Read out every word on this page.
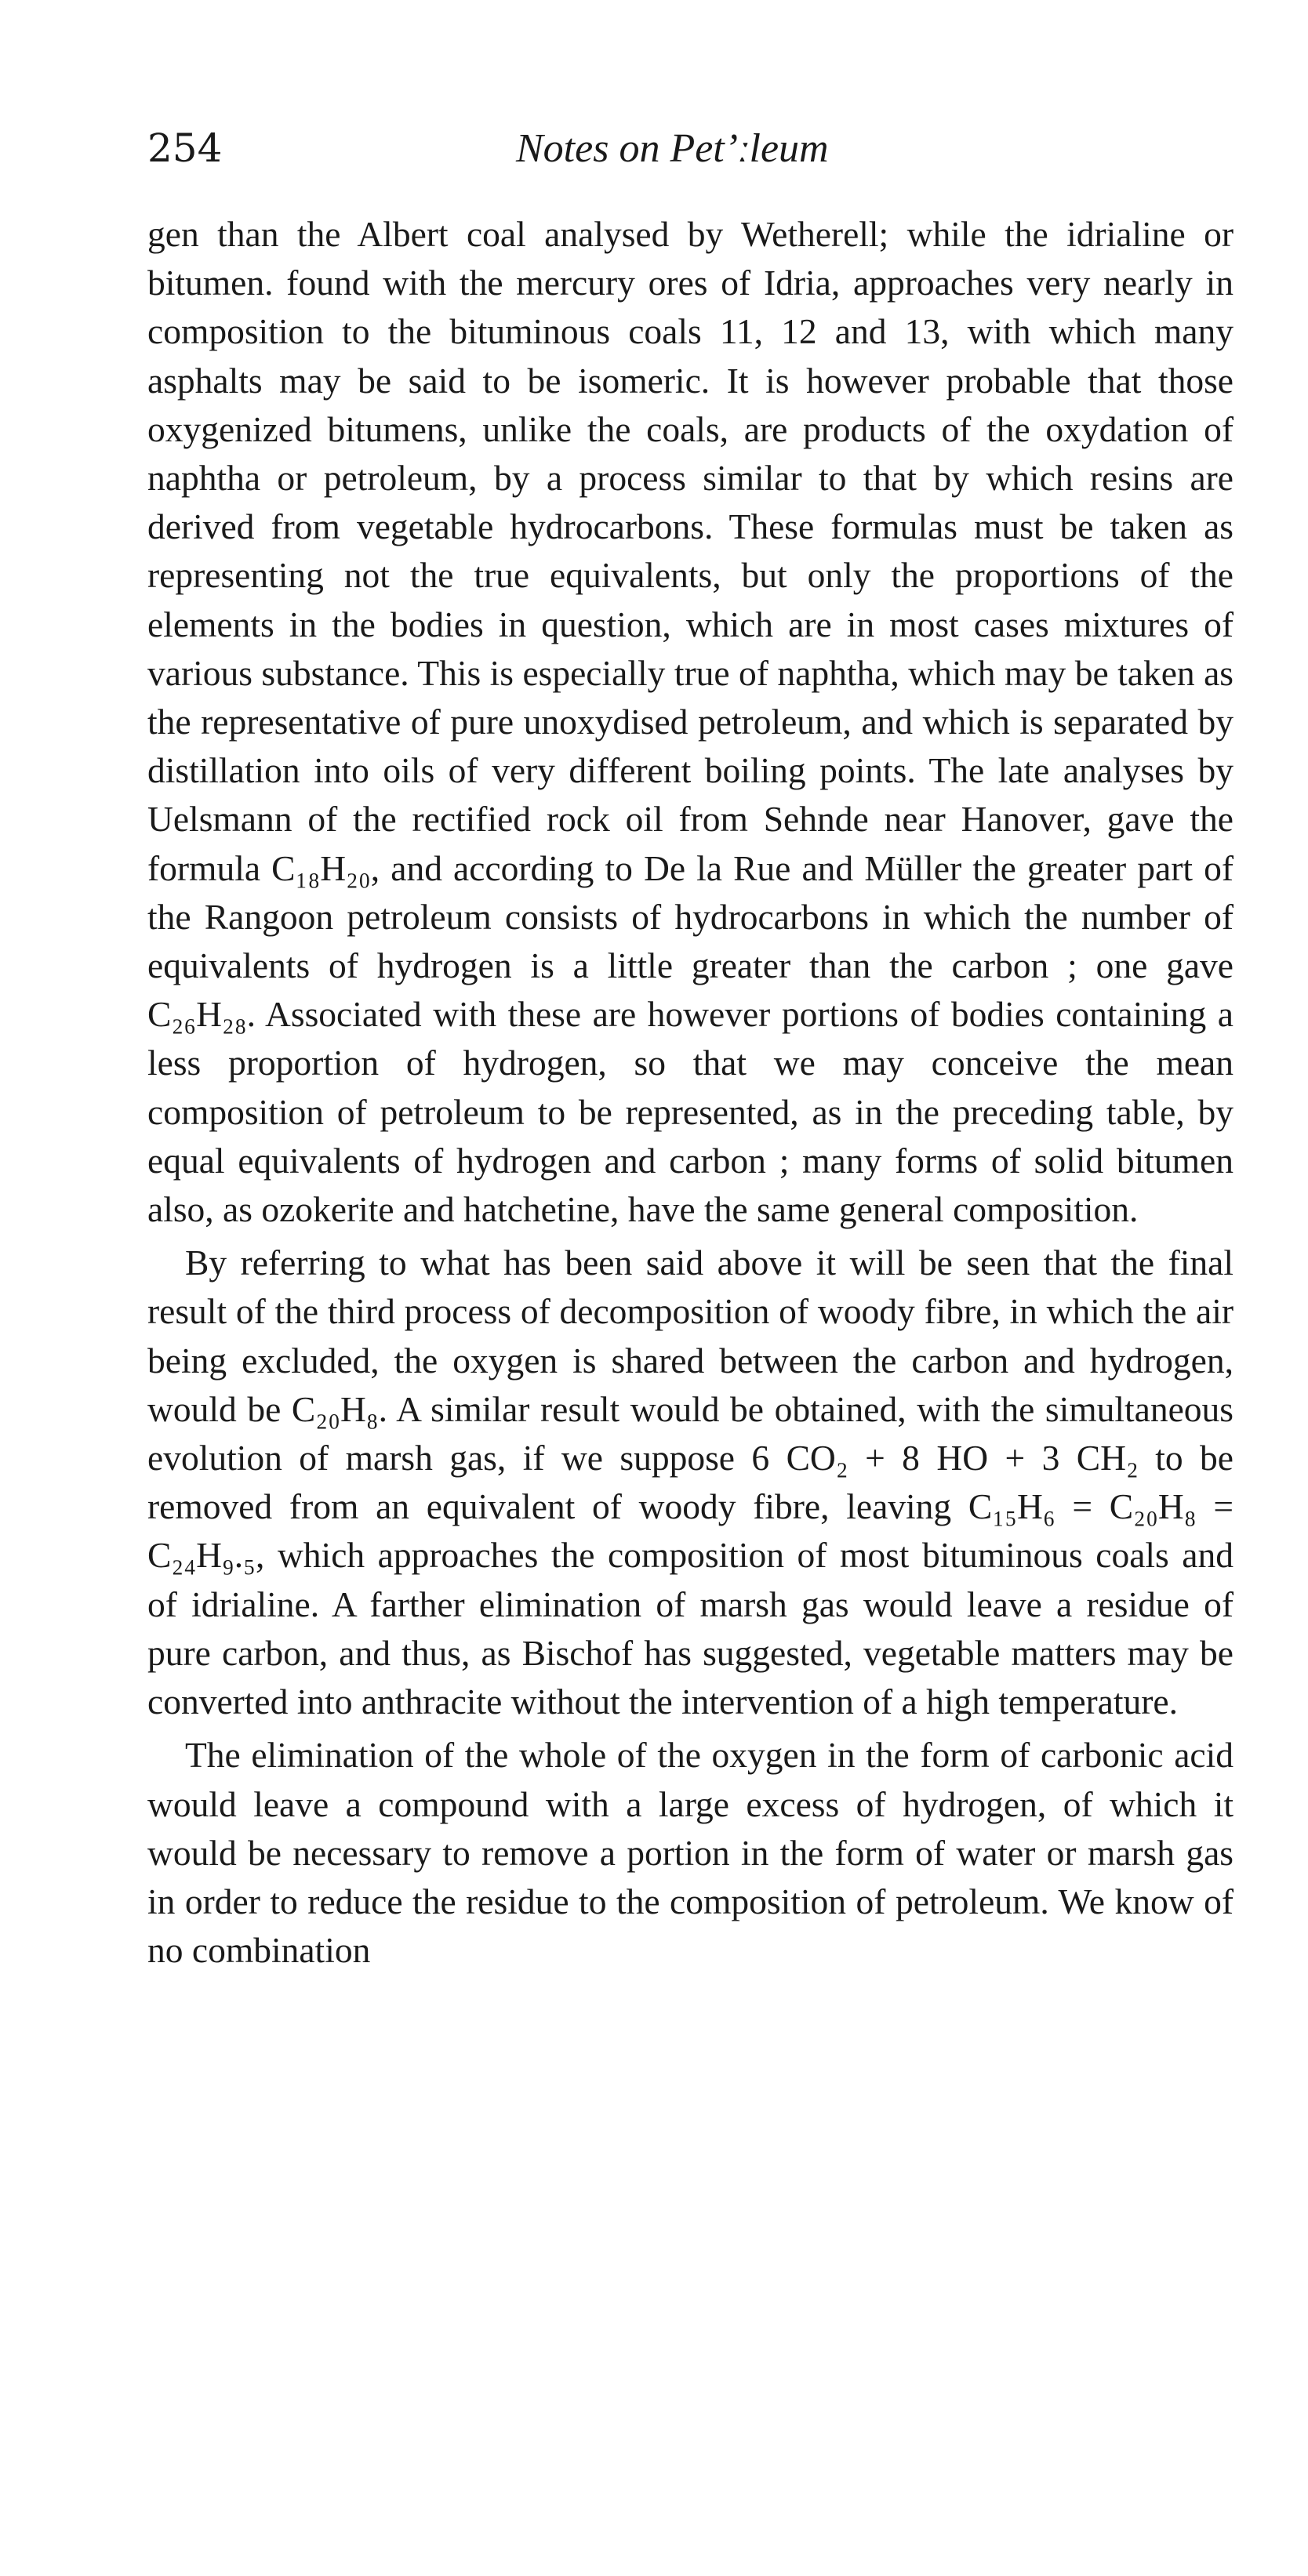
254	Notes on Petʼːleum

gen than the Albert coal analysed by Wetherell; while the idrialine or bitumen. found with the mercury ores of Idria, approaches very nearly in composition to the bituminous coals 11, 12 and 13, with which many asphalts may be said to be isomeric. It is however probable that those oxygenized bitumens, unlike the coals, are products of the oxydation of naphtha or petroleum, by a process similar to that by which resins are derived from vegetable hydrocarbons. These formulas must be taken as representing not the true equivalents, but only the proportions of the elements in the bodies in question, which are in most cases mixtures of various substance. This is especially true of naphtha, which may be taken as the representative of pure unoxydised petroleum, and which is separated by distillation into oils of very different boiling points. The late analyses by Uelsmann of the rectified rock oil from Sehnde near Hanover, gave the formula C₁₈H₂₀, and according to De la Rue and Müller the greater part of the Rangoon petroleum consists of hydrocarbons in which the number of equivalents of hydrogen is a little greater than the carbon ; one gave C₂₆H₂₈. Associated with these are however portions of bodies containing a less proportion of hydrogen, so that we may conceive the mean composition of petroleum to be represented, as in the preceding table, by equal equivalents of hydrogen and carbon ; many forms of solid bitumen also, as ozokerite and hatchetine, have the same general composition.

By referring to what has been said above it will be seen that the final result of the third process of decomposition of woody fibre, in which the air being excluded, the oxygen is shared between the carbon and hydrogen, would be C₂₀H₈. A similar result would be obtained, with the simultaneous evolution of marsh gas, if we suppose 6 CO₂ + 8 HO + 3 CH₂ to be removed from an equivalent of woody fibre, leaving C₁₅H₆ = C₂₀H₈ = C₂₄H₉.₅, which approaches the composition of most bituminous coals and of idrialine. A farther elimination of marsh gas would leave a residue of pure carbon, and thus, as Bischof has suggested, vegetable matters may be converted into anthracite without the intervention of a high temperature.

The elimination of the whole of the oxygen in the form of carbonic acid would leave a compound with a large excess of hydrogen, of which it would be necessary to remove a portion in the form of water or marsh gas in order to reduce the residue to the composition of petroleum. We know of no combination
